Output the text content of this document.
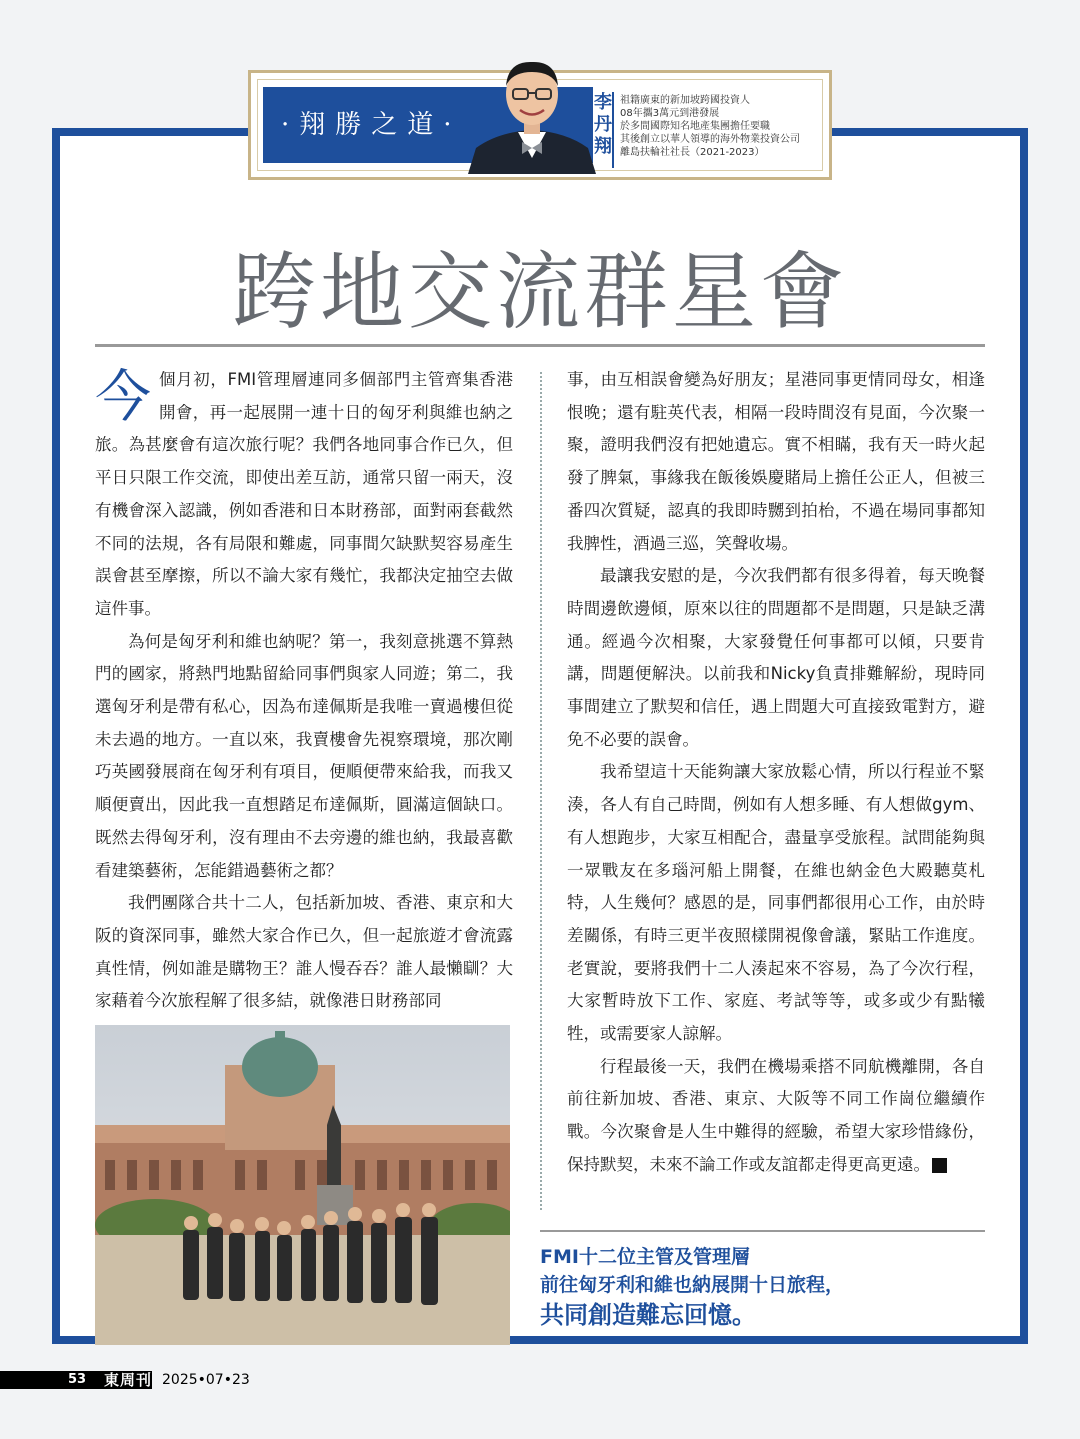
·翔勝之道·
李丹翔
祖籍廣東的新加坡跨國投資人
08年攜3萬元到港發展
於多間國際知名地產集團擔任要職
其後創立以華人領導的海外物業投資公司
離島扶輪社社長（2021-2023）
跨地交流群星會

今個月初，FMI管理層連同多個部門主管齊集香港開會，再一起展開一連十日的匈牙利與維也納之旅。為甚麼會有這次旅行呢？我們各地同事合作已久，但平日只限工作交流，即使出差互訪，通常只留一兩天，沒有機會深入認識，例如香港和日本財務部，面對兩套截然不同的法規，各有局限和難處，同事間欠缺默契容易產生誤會甚至摩擦，所以不論大家有幾忙，我都決定抽空去做這件事。

為何是匈牙利和維也納呢？第一，我刻意挑選不算熱門的國家，將熱門地點留給同事們與家人同遊；第二，我選匈牙利是帶有私心，因為布達佩斯是我唯一賣過樓但從未去過的地方。一直以來，我賣樓會先視察環境，那次剛巧英國發展商在匈牙利有項目，便順便帶來給我，而我又順便賣出，因此我一直想踏足布達佩斯，圓滿這個缺口。既然去得匈牙利，沒有理由不去旁邊的維也納，我最喜歡看建築藝術，怎能錯過藝術之都？

我們團隊合共十二人，包括新加坡、香港、東京和大阪的資深同事，雖然大家合作已久，但一起旅遊才會流露真性情，例如誰是購物王？誰人慢吞吞？誰人最懶瞓？大家藉着今次旅程解了很多結，就像港日財務部同

事，由互相誤會變為好朋友；星港同事更情同母女，相逢恨晚；還有駐英代表，相隔一段時間沒有見面，今次聚一聚，證明我們沒有把她遺忘。實不相瞞，我有天一時火起發了脾氣，事緣我在飯後娛慶賭局上擔任公正人，但被三番四次質疑，認真的我即時嬲到拍枱，不過在場同事都知我脾性，酒過三巡，笑聲收場。

最讓我安慰的是，今次我們都有很多得着，每天晚餐時間邊飲邊傾，原來以往的問題都不是問題，只是缺乏溝通。經過今次相聚，大家發覺任何事都可以傾，只要肯講，問題便解決。以前我和Nicky負責排難解紛，現時同事間建立了默契和信任，遇上問題大可直接致電對方，避免不必要的誤會。

我希望這十天能夠讓大家放鬆心情，所以行程並不緊湊，各人有自己時間，例如有人想多睡、有人想做gym、有人想跑步，大家互相配合，盡量享受旅程。試問能夠與一眾戰友在多瑙河船上開餐，在維也納金色大殿聽莫札特，人生幾何？感恩的是，同事們都很用心工作，由於時差關係，有時三更半夜照樣開視像會議，緊貼工作進度。老實說，要將我們十二人湊起來不容易，為了今次行程，大家暫時放下工作、家庭、考試等等，或多或少有點犧牲，或需要家人諒解。

行程最後一天，我們在機場乘搭不同航機離開，各自前往新加坡、香港、東京、大阪等不同工作崗位繼續作戰。今次聚會是人生中難得的經驗，希望大家珍惜緣份，保持默契，未來不論工作或友誼都走得更高更遠。	東

FMI十二位主管及管理層
前往匈牙利和維也納展開十日旅程，
共同創造難忘回憶。
53 東周刊 2025•07•23
